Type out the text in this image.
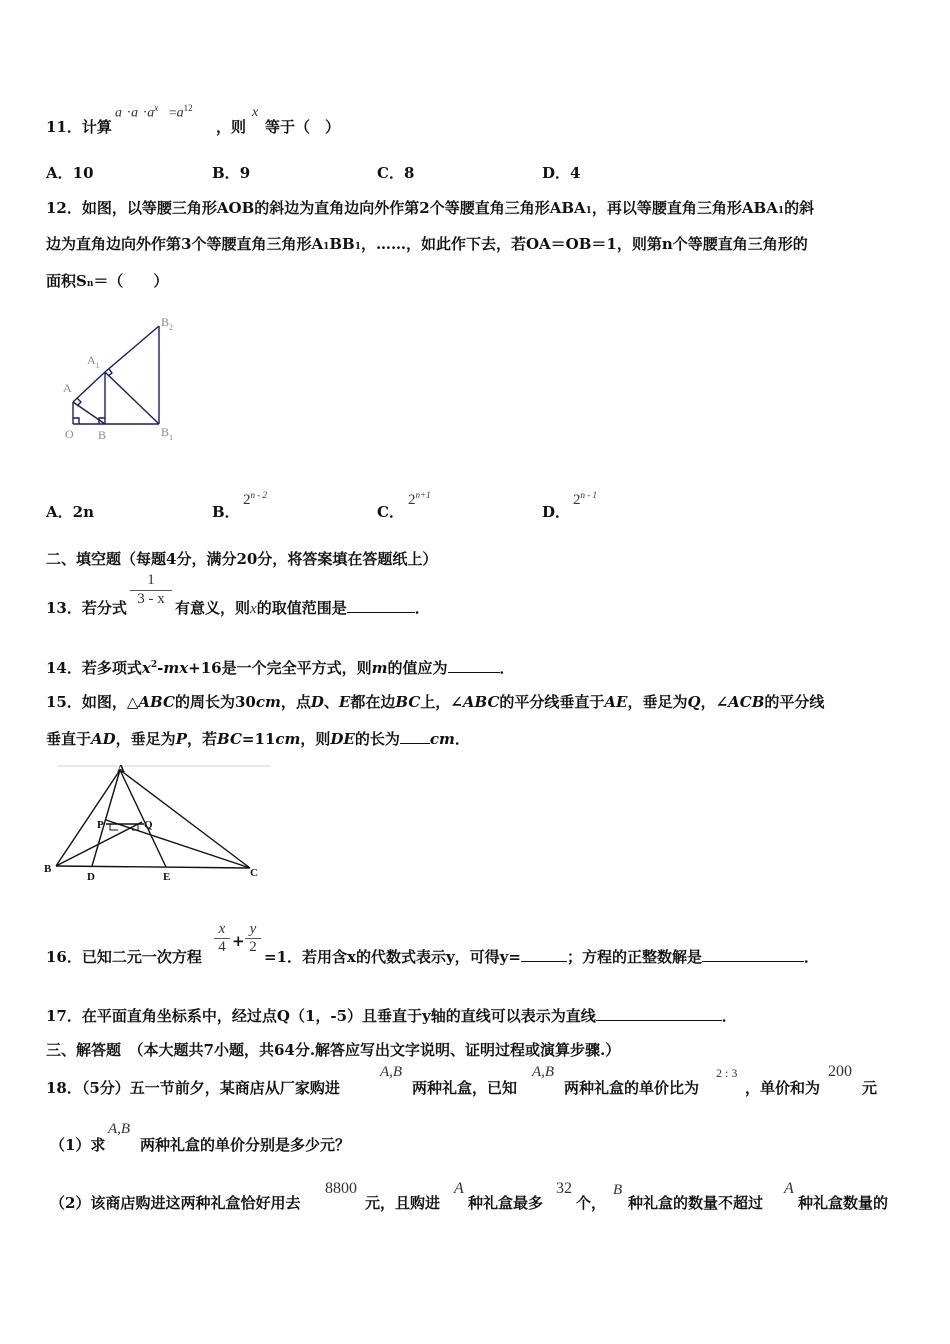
11．计算
$a \cdot a \cdot a^x =a^{12}$
，则
x
等于（　）
A．10	B．9	C．8	D．4
12．如图，以等腰三角形AOB的斜边为直角边向外作第2个等腰直角三角形ABA1，再以等腰直角三角形ABA1的斜
边为直角边向外作第3个等腰直角三角形A1BB1，……，如此作下去，若OA＝OB＝1，则第n个等腰直角三角形的
面积Sn＝（　　）
$B_2$
$A_1$
A
O B	$B_1$
A．2n	B．
2$^{n - 2}$
C．
$2^{n+1}$
D．
2$^{n - 1}$
二、填空题（每题4分，满分20分，将答案填在答题纸上）
13．若分式 $\frac{1}{3 - x}$ 有意义，则x的取值范围是	．
14．若多项式$x^2-mx+16$是一个完全平方式，则m的值应为	．
15．如图，△ABC的周长为30cm，点D、E都在边BC上，∠ABC的平分线垂直于AE，垂足为Q，∠ACB的平分线
垂直于AD，垂足为P，若BC=11cm，则DE的长为 cm．
A
P	Q
B
D	E	C
16．已知二元一次方程
$\frac{x}{4} + \frac{y}{2}$
=1．若用含x的代数式表示y，可得y=	；方程的正整数解是	．
17．在平面直角坐标系中，经过点Q（1，-5）且垂直于y轴的直线可以表示为直线	．
三、解答题　（本大题共7小题，共64分.解答应写出文字说明、证明过程或演算步骤.）
18．（5分）五一节前夕，某商店从厂家购进
A,B
两种礼盒，已知
A,B
两种礼盒的单价比为
2 : 3
，单价和为
200
元
（1）求
A,B
两种礼盒的单价分别是多少元？
（2）该商店购进这两种礼盒恰好用去
8800
元，且购进
A
种礼盒最多
32
个，
B
种礼盒的数量不超过
A
种礼盒数量的
